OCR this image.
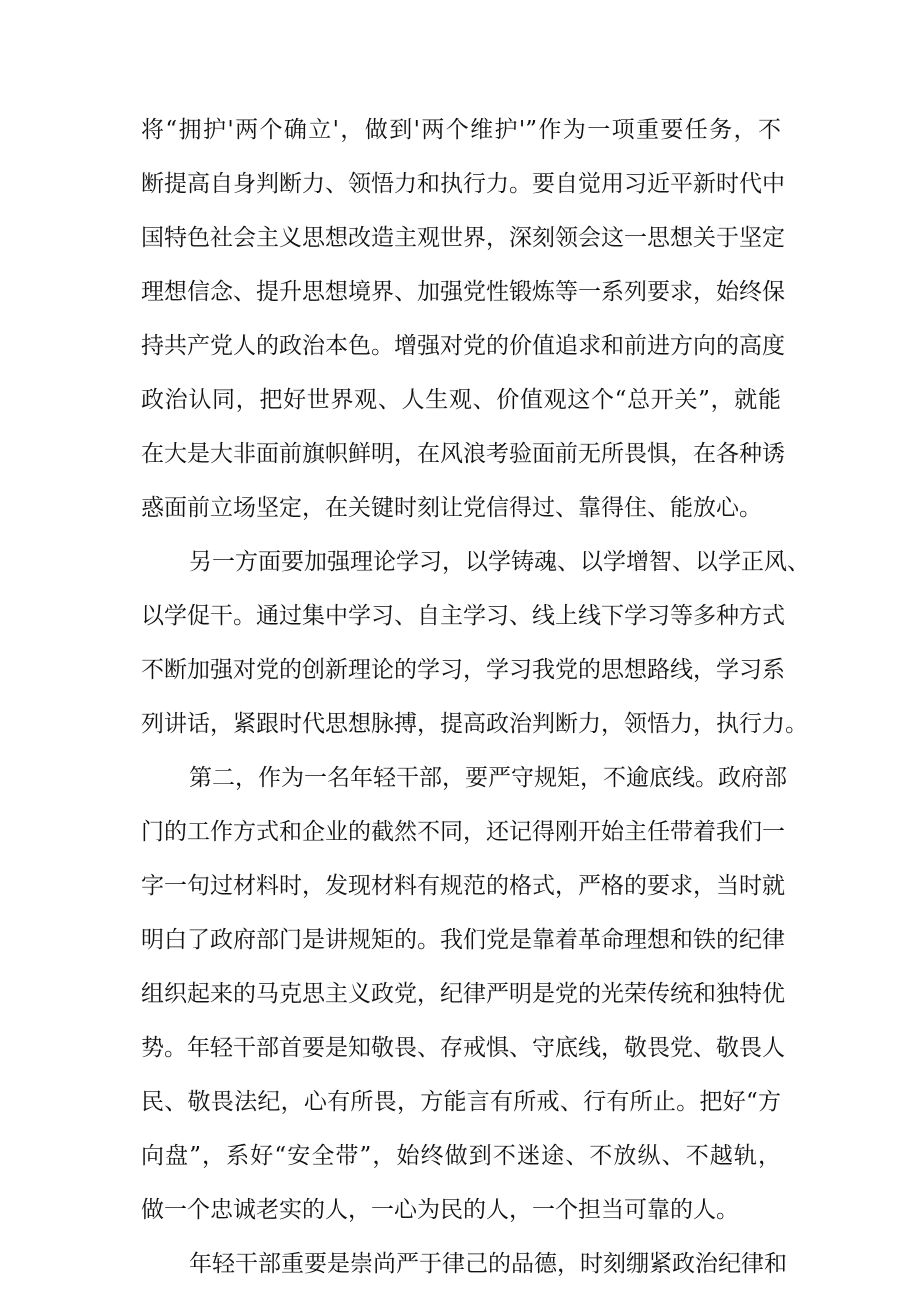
将“拥护'两个确立'，做到'两个维护'”作为一项重要任务，不
断提高自身判断力、领悟力和执行力。要自觉用习近平新时代中
国特色社会主义思想改造主观世界，深刻领会这一思想关于坚定
理想信念、提升思想境界、加强党性锻炼等一系列要求，始终保
持共产党人的政治本色。增强对党的价值追求和前进方向的高度
政治认同，把好世界观、人生观、价值观这个“总开关”，就能
在大是大非面前旗帜鲜明，在风浪考验面前无所畏惧，在各种诱
惑面前立场坚定，在关键时刻让党信得过、靠得住、能放心。
另一方面要加强理论学习，以学铸魂、以学增智、以学正风、
以学促干。通过集中学习、自主学习、线上线下学习等多种方式
不断加强对党的创新理论的学习，学习我党的思想路线，学习系
列讲话，紧跟时代思想脉搏，提高政治判断力，领悟力，执行力。
第二，作为一名年轻干部，要严守规矩，不逾底线。政府部
门的工作方式和企业的截然不同，还记得刚开始主任带着我们一
字一句过材料时，发现材料有规范的格式，严格的要求，当时就
明白了政府部门是讲规矩的。我们党是靠着革命理想和铁的纪律
组织起来的马克思主义政党，纪律严明是党的光荣传统和独特优
势。年轻干部首要是知敬畏、存戒惧、守底线，敬畏党、敬畏人
民、敬畏法纪，心有所畏，方能言有所戒、行有所止。把好“方
向盘”，系好“安全带”，始终做到不迷途、不放纵、不越轨，
做一个忠诚老实的人，一心为民的人，一个担当可靠的人。
年轻干部重要是崇尚严于律己的品德，时刻绷紧政治纪律和
